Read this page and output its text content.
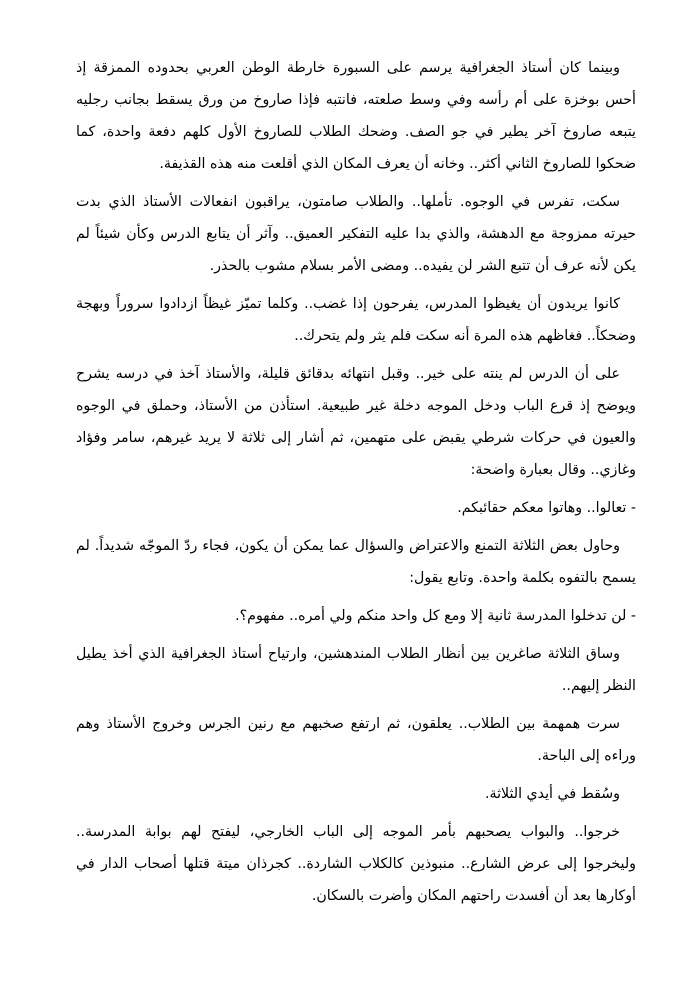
وبينما كان أستاذ الجغرافية يرسم على السبورة خارطة الوطن العربي بحدوده الممزقة إذ أحس بوخزة على أم رأسه وفي وسط صلعته، فانتبه فإذا صاروخ من ورق يسقط بجانب رجليه يتبعه صاروخ آخر يطير في جو الصف. وضحك الطلاب للصاروخ الأول كلهم دفعة واحدة، كما ضحكوا للصاروخ الثاني أكثر.. وخانه أن يعرف المكان الذي أقلعت منه هذه القذيفة.

سكت، تفرس في الوجوه. تأملها.. والطلاب صامتون، يراقبون انفعالات الأستاذ الذي بدت حيرته ممزوجة مع الدهشة، والذي بدا عليه التفكير العميق.. وآثر أن يتابع الدرس وكأن شيئاً لم يكن لأنه عرف أن تتبع الشر لن يفيده.. ومضى الأمر بسلام مشوب بالحذر.

كانوا يريدون أن يغيظوا المدرس، يفرحون إذا غضب.. وكلما تميّز غيظاً ازدادوا سروراً وبهجة وضحكاً.. فغاظهم هذه المرة أنه سكت فلم يثر ولم يتحرك..

على أن الدرس لم ينته على خير.. وقبل انتهائه بدقائق قليلة، والأستاذ آخذ في درسه يشرح ويوضح إذ قرع الباب ودخل الموجه دخلة غير طبيعية. استأذن من الأستاذ، وحملق في الوجوه والعيون في حركات شرطي يقبض على متهمين، ثم أشار إلى ثلاثة لا يريد غيرهم، سامر وفؤاد وغازي.. وقال بعبارة واضحة:

- تعالوا.. وهاتوا معكم حقائبكم.

وحاول بعض الثلاثة التمنع والاعتراض والسؤال عما يمكن أن يكون، فجاء ردّ الموجّه شديداً. لم يسمح بالتفوه بكلمة واحدة. وتابع يقول:

- لن تدخلوا المدرسة ثانية إلا ومع كل واحد منكم ولي أمره.. مفهوم؟.

وساق الثلاثة صاغرين بين أنظار الطلاب المندهشين، وارتياح أستاذ الجغرافية الذي أخذ يطيل النظر إليهم..

سرت همهمة بين الطلاب.. يعلقون، ثم ارتفع صخبهم مع رنين الجرس وخروج الأستاذ وهم وراءه إلى الباحة.

وسُقط في أيدي الثلاثة.

خرجوا.. والبواب يصحبهم بأمر الموجه إلى الباب الخارجي، ليفتح لهم بوابة المدرسة.. وليخرجوا إلى عرض الشارع.. منبوذين كالكلاب الشاردة.. كجرذان ميتة قتلها أصحاب الدار في أوكارها بعد أن أفسدت راحتهم المكان وأضرت بالسكان.
